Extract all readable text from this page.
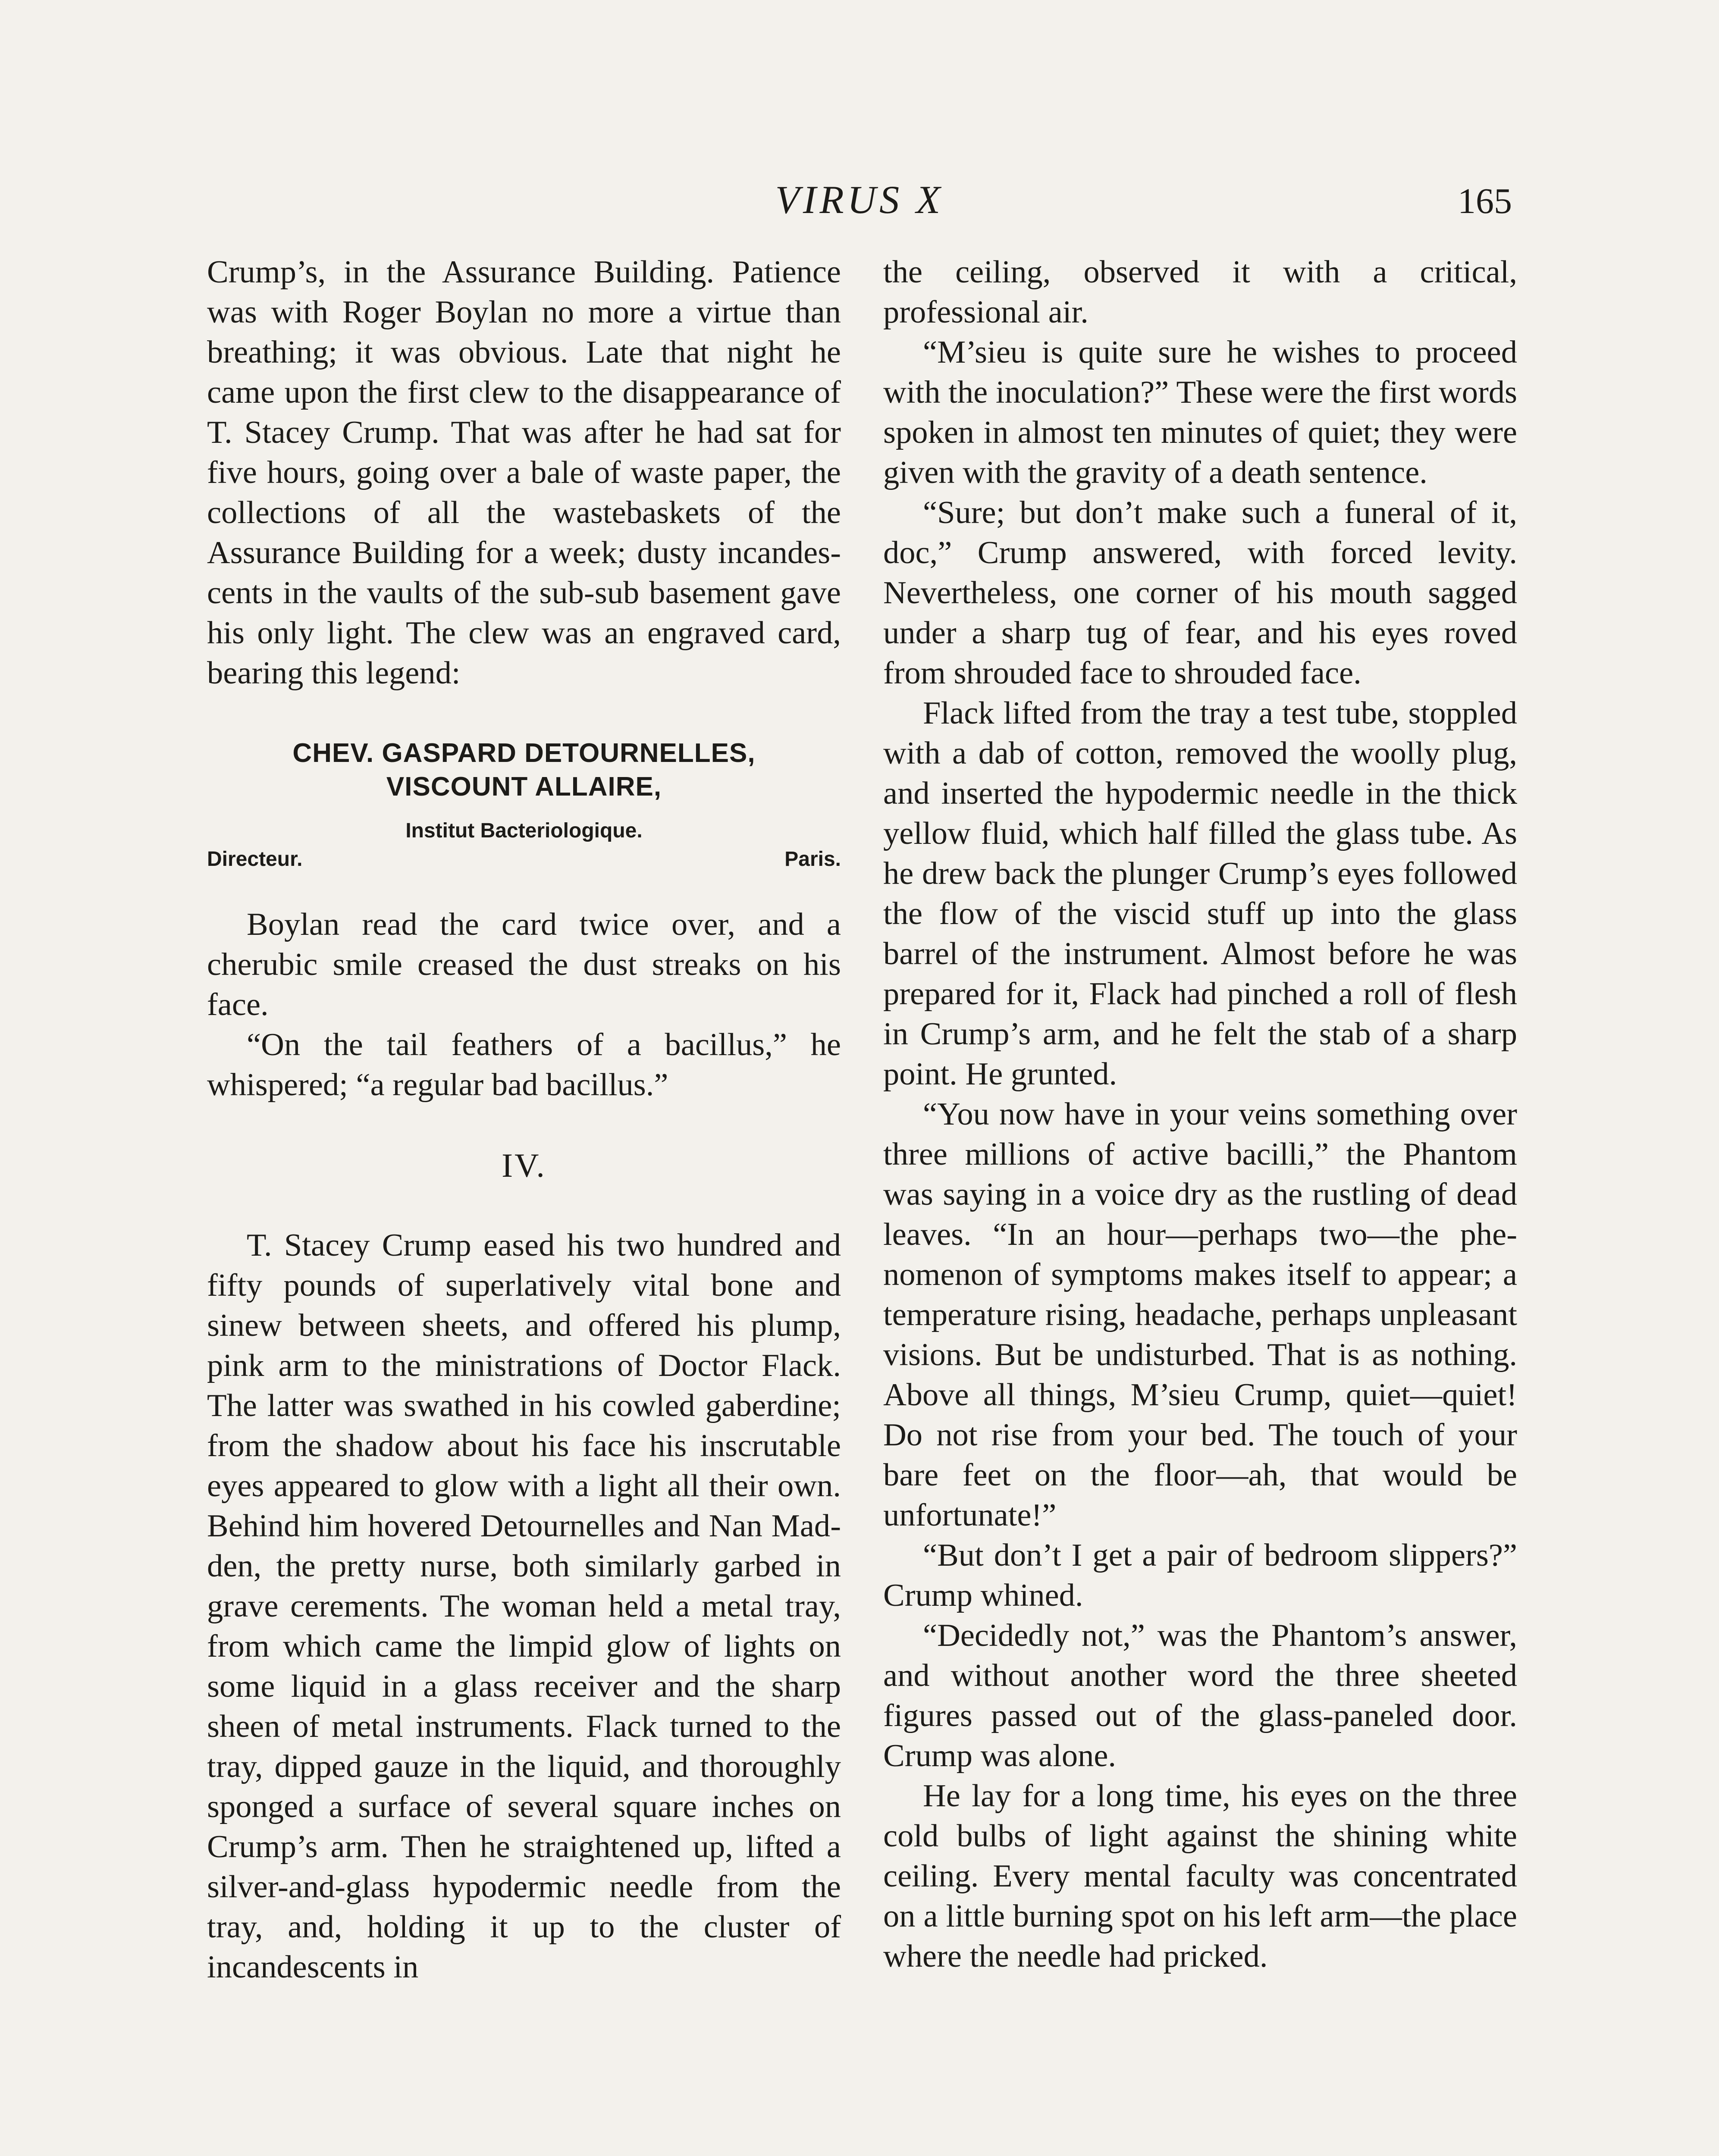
VIRUS X	165

Crump’s, in the Assurance Building. Patience was with Roger Boylan no more a virtue than breathing; it was obvious. Late that night he came upon the first clew to the disappearance of T. Stacey Crump. That was after he had sat for five hours, going over a bale of waste paper, the collections of all the wastebaskets of the Assurance Building for a week; dusty incandescents in the vaults of the sub-sub basement gave his only light. The clew was an engraved card, bearing this legend:

CHEV. GASPARD DETOURNELLES,
VISCOUNT ALLAIRE,
Institut Bacteriologique.
Directeur.	Paris.

Boylan read the card twice over, and a cherubic smile creased the dust streaks on his face.

“On the tail feathers of a bacillus,” he whispered; “a regular bad bacillus.”

IV.

T. Stacey Crump eased his two hundred and fifty pounds of superlatively vital bone and sinew between sheets, and offered his plump, pink arm to the ministrations of Doctor Flack. The latter was swathed in his cowled gaberdine; from the shadow about his face his inscrutable eyes appeared to glow with a light all their own. Behind him hovered Detournelles and Nan Madden, the pretty nurse, both similarly garbed in grave cerements. The woman held a metal tray, from which came the limpid glow of lights on some liquid in a glass receiver and the sharp sheen of metal instruments. Flack turned to the tray, dipped gauze in the liquid, and thoroughly sponged a surface of several square inches on Crump’s arm. Then he straightened up, lifted a silver-and-glass hypodermic needle from the tray, and, holding it up to the cluster of incandescents in

the ceiling, observed it with a critical, professional air.

“M’sieu is quite sure he wishes to proceed with the inoculation?” These were the first words spoken in almost ten minutes of quiet; they were given with the gravity of a death sentence.

“Sure; but don’t make such a funeral of it, doc,” Crump answered, with forced levity. Nevertheless, one corner of his mouth sagged under a sharp tug of fear, and his eyes roved from shrouded face to shrouded face.

Flack lifted from the tray a test tube, stoppled with a dab of cotton, removed the woolly plug, and inserted the hypodermic needle in the thick yellow fluid, which half filled the glass tube. As he drew back the plunger Crump’s eyes followed the flow of the viscid stuff up into the glass barrel of the instrument. Almost before he was prepared for it, Flack had pinched a roll of flesh in Crump’s arm, and he felt the stab of a sharp point. He grunted.

“You now have in your veins something over three millions of active bacilli,” the Phantom was saying in a voice dry as the rustling of dead leaves. “In an hour—perhaps two—the phenomenon of symptoms makes itself to appear; a temperature rising, headache, perhaps unpleasant visions. But be undisturbed. That is as nothing. Above all things, M’sieu Crump, quiet—quiet! Do not rise from your bed. The touch of your bare feet on the floor—ah, that would be unfortunate!”

“But don’t I get a pair of bedroom slippers?” Crump whined.

“Decidedly not,” was the Phantom’s answer, and without another word the three sheeted figures passed out of the glass-paneled door. Crump was alone.

He lay for a long time, his eyes on the three cold bulbs of light against the shining white ceiling. Every mental faculty was concentrated on a little burning spot on his left arm—the place where the needle had pricked.
